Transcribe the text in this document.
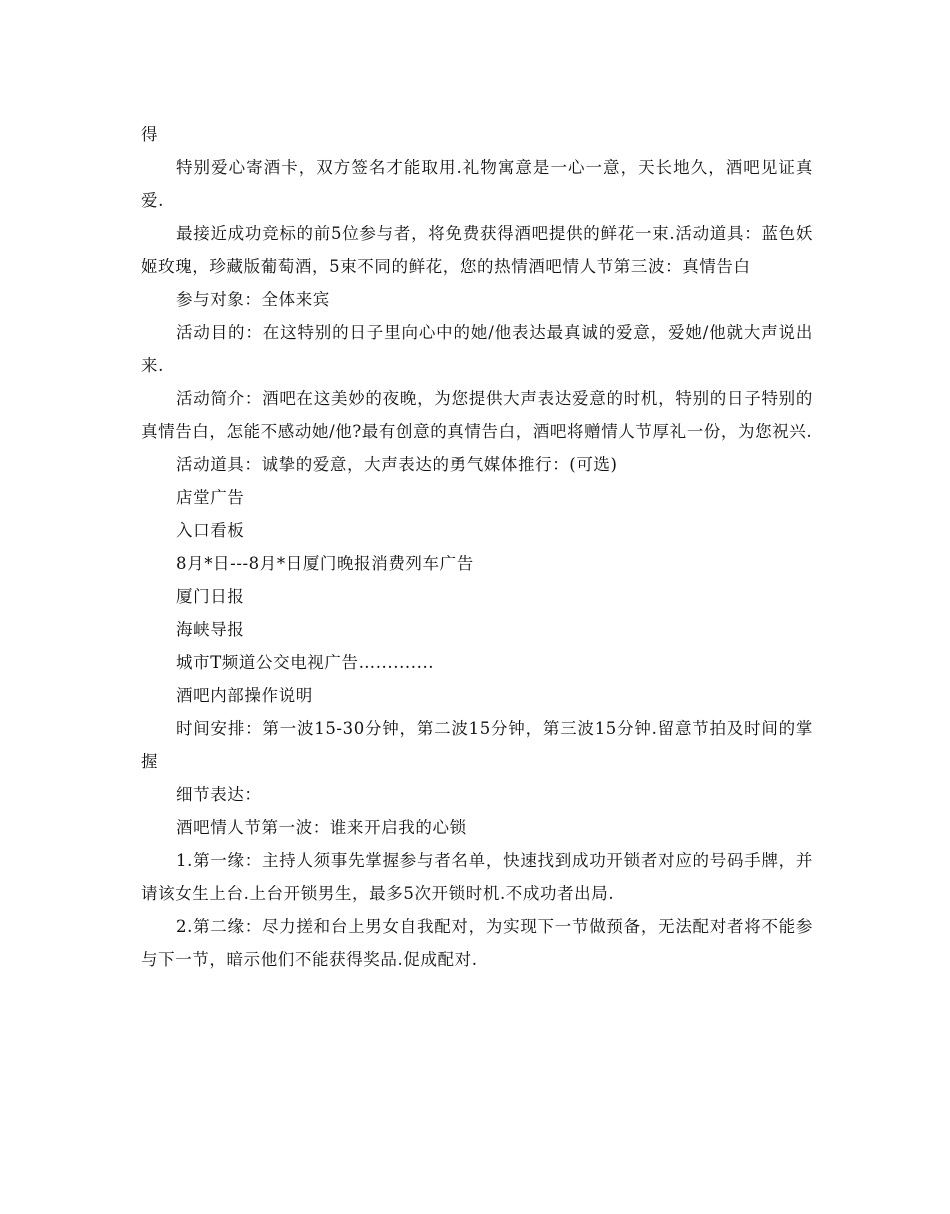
得

特别爱心寄酒卡，双方签名才能取用.礼物寓意是一心一意，天长地久，酒吧见证真爱.

最接近成功竞标的前5位参与者，将免费获得酒吧提供的鲜花一束.活动道具：蓝色妖姬玫瑰，珍藏版葡萄酒，5束不同的鲜花，您的热情酒吧情人节第三波：真情告白

参与对象：全体来宾

活动目的：在这特别的日子里向心中的她/他表达最真诚的爱意，爱她/他就大声说出来.

活动简介：酒吧在这美妙的夜晚，为您提供大声表达爱意的时机，特别的日子特别的真情告白，怎能不感动她/他?最有创意的真情告白，酒吧将赠情人节厚礼一份，为您祝兴.

活动道具：诚挚的爱意，大声表达的勇气媒体推行：(可选)

店堂广告

入口看板

8月*日---8月*日厦门晚报消费列车广告

厦门日报

海峡导报

城市T频道公交电视广告…..........

酒吧内部操作说明

时间安排：第一波15-30分钟，第二波15分钟，第三波15分钟.留意节拍及时间的掌握

细节表达：

酒吧情人节第一波：谁来开启我的心锁

1.第一缘：主持人须事先掌握参与者名单，快速找到成功开锁者对应的号码手牌，并请该女生上台.上台开锁男生，最多5次开锁时机.不成功者出局.

2.第二缘：尽力搓和台上男女自我配对，为实现下一节做预备，无法配对者将不能参与下一节，暗示他们不能获得奖品.促成配对.
